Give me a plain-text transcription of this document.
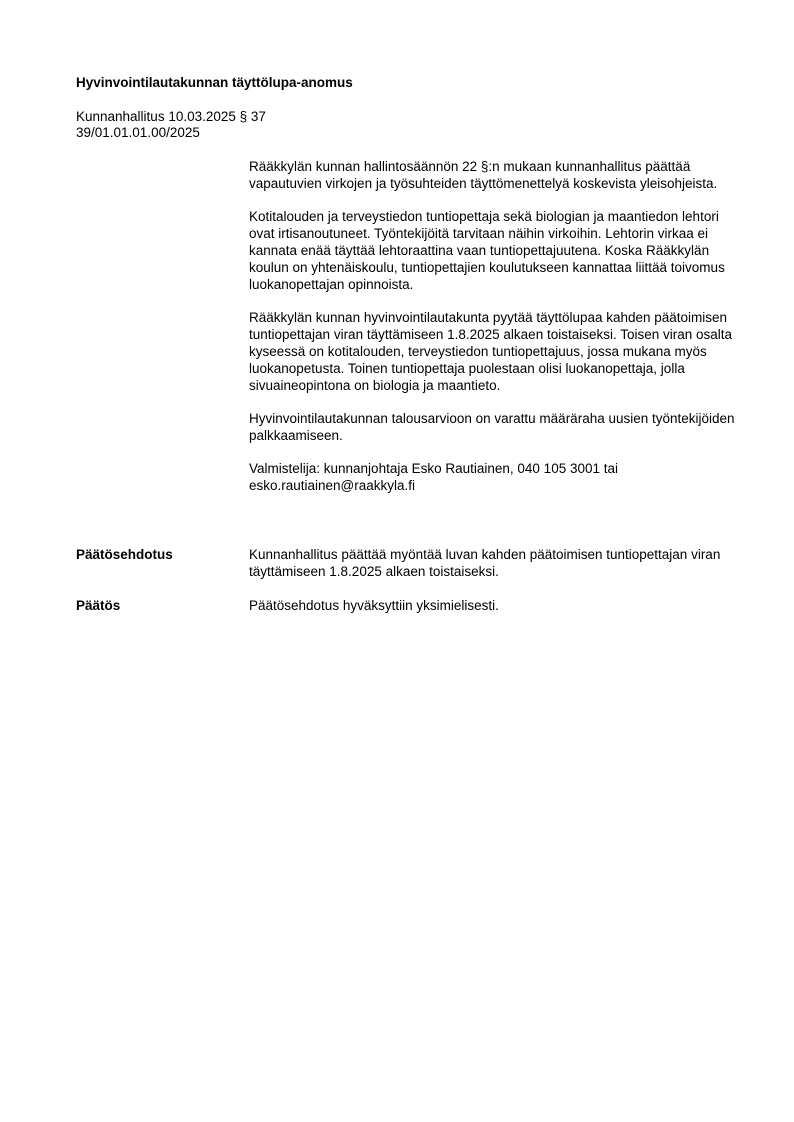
Hyvinvointilautakunnan täyttölupa-anomus
Kunnanhallitus 10.03.2025 § 37
39/01.01.01.00/2025

Rääkkylän kunnan hallintosäännön 22 §:n mukaan kunnanhallitus päättää vapautuvien virkojen ja työsuhteiden täyttömenettelyä koskevista yleisohjeista.

Kotitalouden ja terveystiedon tuntiopettaja sekä biologian ja maantiedon lehtori ovat irtisanoutuneet. Työntekijöitä tarvitaan näihin virkoihin. Lehtorin virkaa ei kannata enää täyttää lehtoraattina vaan tuntiopettajuutena. Koska Rääkkylän koulun on yhtenäiskoulu, tuntiopettajien koulutukseen kannattaa liittää toivomus luokanopettajan opinnoista.

Rääkkylän kunnan hyvinvointilautakunta pyytää täyttölupaa kahden päätoimisen tuntiopettajan viran täyttämiseen 1.8.2025 alkaen toistaiseksi. Toisen viran osalta kyseessä on kotitalouden, terveystiedon tuntiopettajuus, jossa mukana myös luokanopetusta. Toinen tuntiopettaja puolestaan olisi luokanopettaja, jolla sivuaineopintona on biologia ja maantieto.

Hyvinvointilautakunnan talousarvioon on varattu määräraha uusien työntekijöiden palkkaamiseen.

Valmistelija: kunnanjohtaja Esko Rautiainen, 040 105 3001 tai esko.rautiainen@raakkyla.fi

Päätösehdotus	Kunnanhallitus päättää myöntää luvan kahden päätoimisen tuntiopettajan viran täyttämiseen 1.8.2025 alkaen toistaiseksi.
Päätös	Päätösehdotus hyväksyttiin yksimielisesti.
